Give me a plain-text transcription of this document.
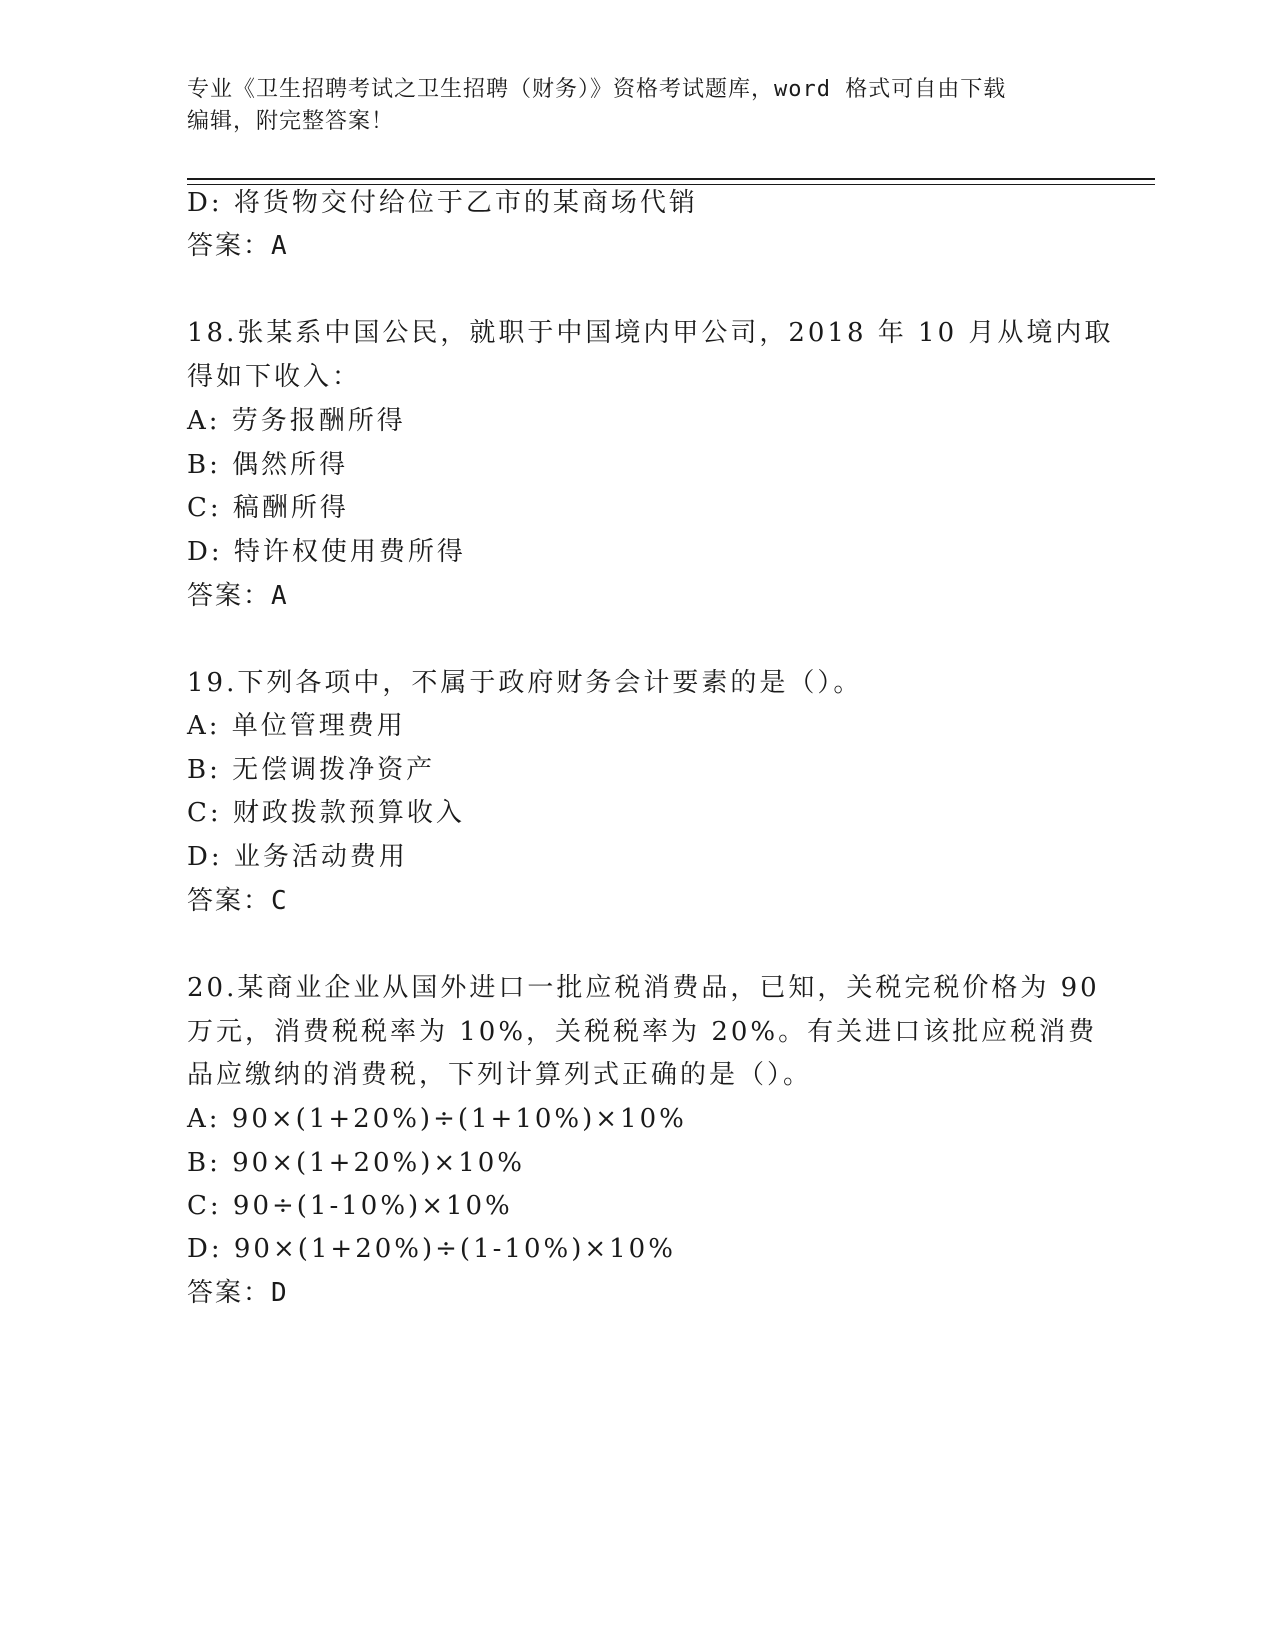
专业《卫生招聘考试之卫生招聘（财务）》资格考试题库，word 格式可自由下载
编辑，附完整答案！
D: 将货物交付给位于乙市的某商场代销
答案：A
18.张某系中国公民，就职于中国境内甲公司，2018 年 10 月从境内取
得如下收入：
A: 劳务报酬所得
B: 偶然所得
C: 稿酬所得
D: 特许权使用费所得
答案：A
19.下列各项中，不属于政府财务会计要素的是（）。
A: 单位管理费用
B: 无偿调拨净资产
C: 财政拨款预算收入
D: 业务活动费用
答案：C
20.某商业企业从国外进口一批应税消费品，已知，关税完税价格为 90
万元，消费税税率为 10%，关税税率为 20%。有关进口该批应税消费
品应缴纳的消费税，下列计算列式正确的是（）。
A: 90×(1+20%)÷(1+10%)×10%
B: 90×(1+20%)×10%
C: 90÷(1-10%)×10%
D: 90×(1+20%)÷(1-10%)×10%
答案：D
